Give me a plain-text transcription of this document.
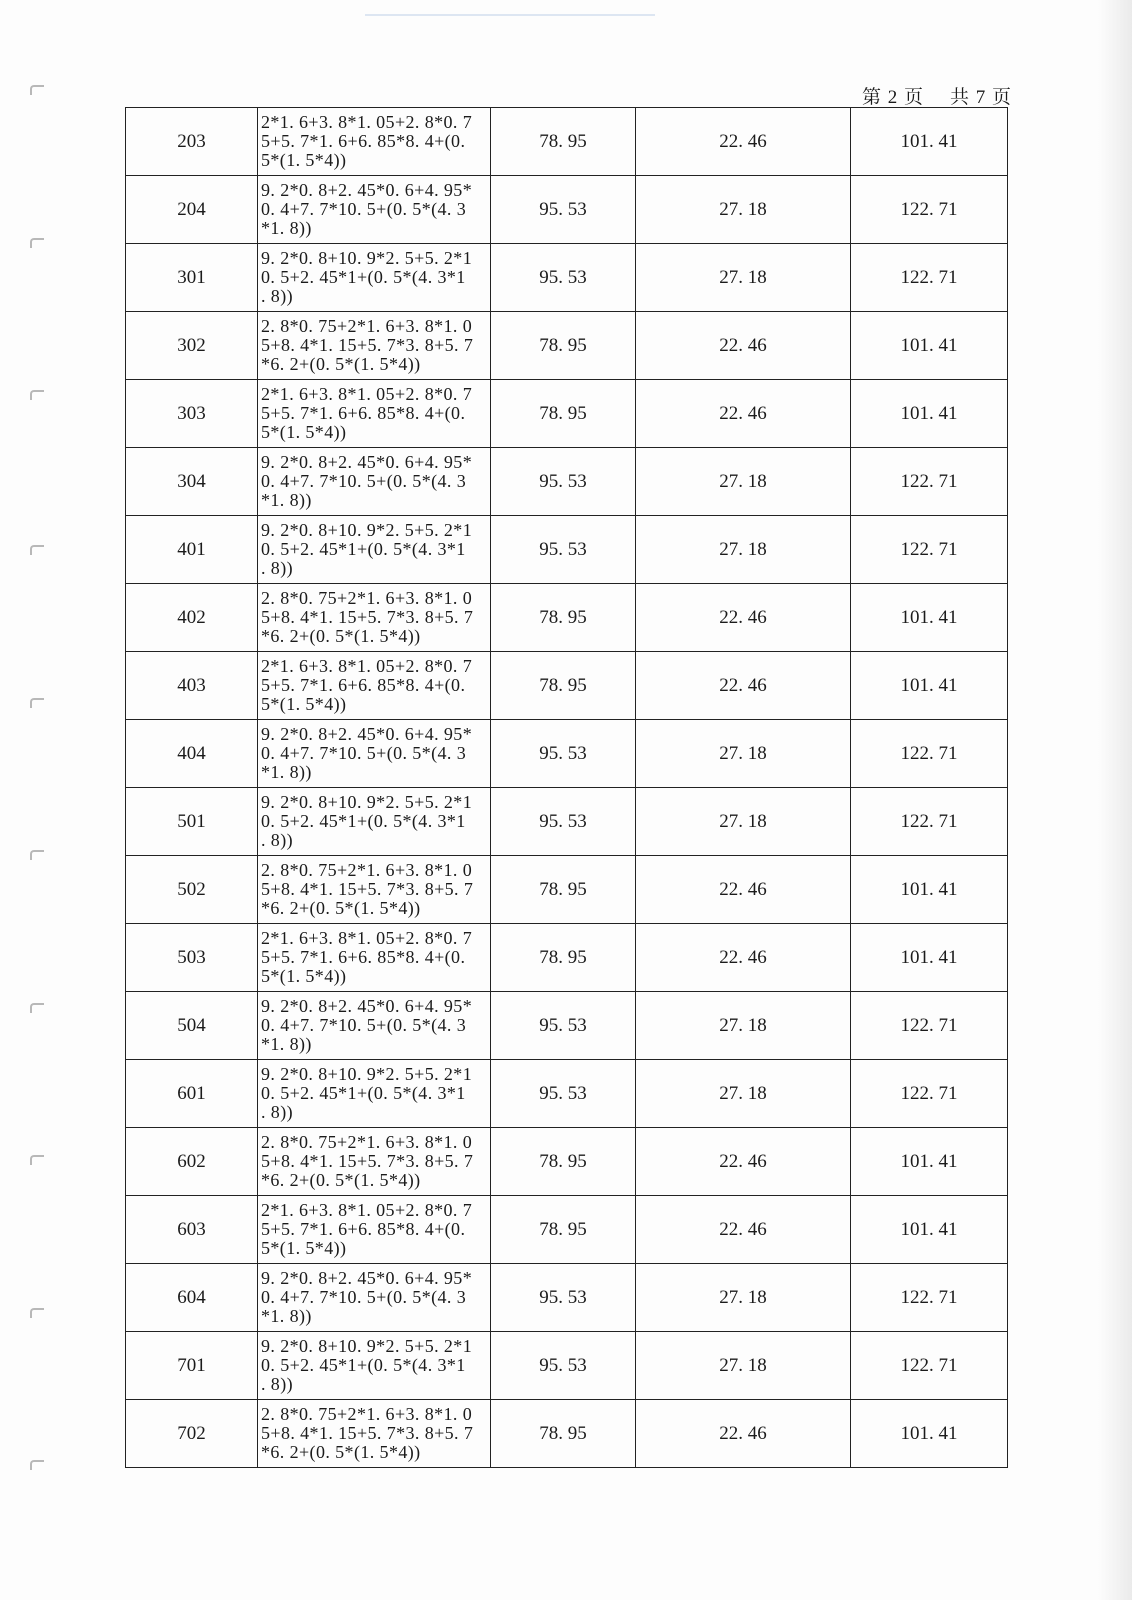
第 2 页 共 7 页
203	2*1. 6+3. 8*1. 05+2. 8*0. 7
5+5. 7*1. 6+6. 85*8. 4+(0.
5*(1. 5*4))	78. 95	22. 46	101. 41
204	9. 2*0. 8+2. 45*0. 6+4. 95*
0. 4+7. 7*10. 5+(0. 5*(4. 3
*1. 8))	95. 53	27. 18	122. 71
301	9. 2*0. 8+10. 9*2. 5+5. 2*1
0. 5+2. 45*1+(0. 5*(4. 3*1
. 8))	95. 53	27. 18	122. 71
302	2. 8*0. 75+2*1. 6+3. 8*1. 0
5+8. 4*1. 15+5. 7*3. 8+5. 7
*6. 2+(0. 5*(1. 5*4))	78. 95	22. 46	101. 41
303	2*1. 6+3. 8*1. 05+2. 8*0. 7
5+5. 7*1. 6+6. 85*8. 4+(0.
5*(1. 5*4))	78. 95	22. 46	101. 41
304	9. 2*0. 8+2. 45*0. 6+4. 95*
0. 4+7. 7*10. 5+(0. 5*(4. 3
*1. 8))	95. 53	27. 18	122. 71
401	9. 2*0. 8+10. 9*2. 5+5. 2*1
0. 5+2. 45*1+(0. 5*(4. 3*1
. 8))	95. 53	27. 18	122. 71
402	2. 8*0. 75+2*1. 6+3. 8*1. 0
5+8. 4*1. 15+5. 7*3. 8+5. 7
*6. 2+(0. 5*(1. 5*4))	78. 95	22. 46	101. 41
403	2*1. 6+3. 8*1. 05+2. 8*0. 7
5+5. 7*1. 6+6. 85*8. 4+(0.
5*(1. 5*4))	78. 95	22. 46	101. 41
404	9. 2*0. 8+2. 45*0. 6+4. 95*
0. 4+7. 7*10. 5+(0. 5*(4. 3
*1. 8))	95. 53	27. 18	122. 71
501	9. 2*0. 8+10. 9*2. 5+5. 2*1
0. 5+2. 45*1+(0. 5*(4. 3*1
. 8))	95. 53	27. 18	122. 71
502	2. 8*0. 75+2*1. 6+3. 8*1. 0
5+8. 4*1. 15+5. 7*3. 8+5. 7
*6. 2+(0. 5*(1. 5*4))	78. 95	22. 46	101. 41
503	2*1. 6+3. 8*1. 05+2. 8*0. 7
5+5. 7*1. 6+6. 85*8. 4+(0.
5*(1. 5*4))	78. 95	22. 46	101. 41
504	9. 2*0. 8+2. 45*0. 6+4. 95*
0. 4+7. 7*10. 5+(0. 5*(4. 3
*1. 8))	95. 53	27. 18	122. 71
601	9. 2*0. 8+10. 9*2. 5+5. 2*1
0. 5+2. 45*1+(0. 5*(4. 3*1
. 8))	95. 53	27. 18	122. 71
602	2. 8*0. 75+2*1. 6+3. 8*1. 0
5+8. 4*1. 15+5. 7*3. 8+5. 7
*6. 2+(0. 5*(1. 5*4))	78. 95	22. 46	101. 41
603	2*1. 6+3. 8*1. 05+2. 8*0. 7
5+5. 7*1. 6+6. 85*8. 4+(0.
5*(1. 5*4))	78. 95	22. 46	101. 41
604	9. 2*0. 8+2. 45*0. 6+4. 95*
0. 4+7. 7*10. 5+(0. 5*(4. 3
*1. 8))	95. 53	27. 18	122. 71
701	9. 2*0. 8+10. 9*2. 5+5. 2*1
0. 5+2. 45*1+(0. 5*(4. 3*1
. 8))	95. 53	27. 18	122. 71
702	2. 8*0. 75+2*1. 6+3. 8*1. 0
5+8. 4*1. 15+5. 7*3. 8+5. 7
*6. 2+(0. 5*(1. 5*4))	78. 95	22. 46	101. 41
